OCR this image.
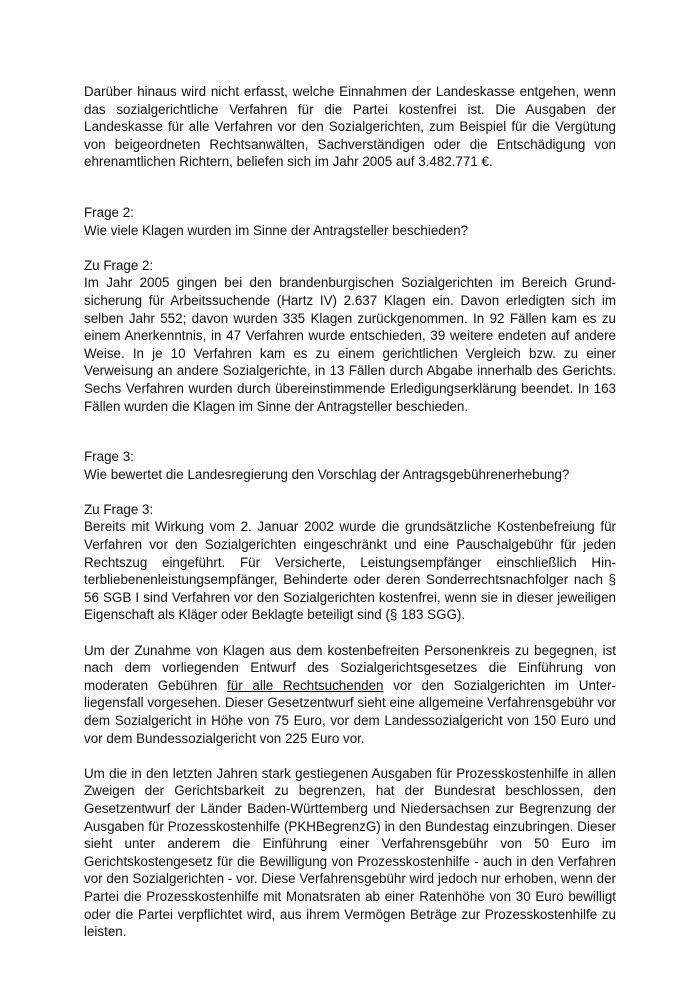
Darüber hinaus wird nicht erfasst, welche Einnahmen der Landeskasse entgehen, wenn das sozialgerichtliche Verfahren für die Partei kostenfrei ist. Die Ausgaben der Landeskasse für alle Verfahren vor den Sozialgerichten, zum Beispiel für die Vergütung von beigeordneten Rechtsanwälten, Sachverständigen oder die Entschädigung von ehrenamtlichen Richtern, beliefen sich im Jahr 2005 auf 3.482.771 €.

Frage 2:

Wie viele Klagen wurden im Sinne der Antragsteller beschieden?

Zu Frage 2:

Im Jahr 2005 gingen bei den brandenburgischen Sozialgerichten im Bereich Grundsicherung für Arbeitssuchende (Hartz IV) 2.637 Klagen ein. Davon erledigten sich im selben Jahr 552; davon wurden 335 Klagen zurückgenommen. In 92 Fällen kam es zu einem Anerkenntnis, in 47 Verfahren wurde entschieden, 39 weitere endeten auf andere Weise. In je 10 Verfahren kam es zu einem gerichtlichen Vergleich bzw. zu einer Verweisung an andere Sozialgerichte, in 13 Fällen durch Abgabe innerhalb des Gerichts. Sechs Verfahren wurden durch übereinstimmende Erledigungserklärung beendet. In 163 Fällen wurden die Klagen im Sinne der Antragsteller beschieden.

Frage 3:

Wie bewertet die Landesregierung den Vorschlag der Antragsgebührenerhebung?

Zu Frage 3:

Bereits mit Wirkung vom 2. Januar 2002 wurde die grundsätzliche Kostenbefreiung für Verfahren vor den Sozialgerichten eingeschränkt und eine Pauschalgebühr für jeden Rechtszug eingeführt. Für Versicherte, Leistungsempfänger einschließlich Hinterbliebenenleistungsempfänger, Behinderte oder deren Sonderrechtsnachfolger nach § 56 SGB I sind Verfahren vor den Sozialgerichten kostenfrei, wenn sie in dieser jeweiligen Eigenschaft als Kläger oder Beklagte beteiligt sind (§ 183 SGG).

Um der Zunahme von Klagen aus dem kostenbefreiten Personenkreis zu begegnen, ist nach dem vorliegenden Entwurf des Sozialgerichtsgesetzes die Einführung von moderaten Gebühren für alle Rechtsuchenden vor den Sozialgerichten im Unterliegensfall vorgesehen. Dieser Gesetzentwurf sieht eine allgemeine Verfahrensgebühr vor dem Sozialgericht in Höhe von 75 Euro, vor dem Landessozialgericht von 150 Euro und vor dem Bundessozialgericht von 225 Euro vor.

Um die in den letzten Jahren stark gestiegenen Ausgaben für Prozesskostenhilfe in allen Zweigen der Gerichtsbarkeit zu begrenzen, hat der Bundesrat beschlossen, den Gesetzentwurf der Länder Baden-Württemberg und Niedersachsen zur Begrenzung der Ausgaben für Prozesskostenhilfe (PKHBegrenzG) in den Bundestag einzubringen. Dieser sieht unter anderem die Einführung einer Verfahrensgebühr von 50 Euro im Gerichtskostengesetz für die Bewilligung von Prozesskostenhilfe - auch in den Verfahren vor den Sozialgerichten - vor. Diese Verfahrensgebühr wird jedoch nur erhoben, wenn der Partei die Prozesskostenhilfe mit Monatsraten ab einer Ratenhöhe von 30 Euro bewilligt oder die Partei verpflichtet wird, aus ihrem Vermögen Beträge zur Prozesskostenhilfe zu leisten.
